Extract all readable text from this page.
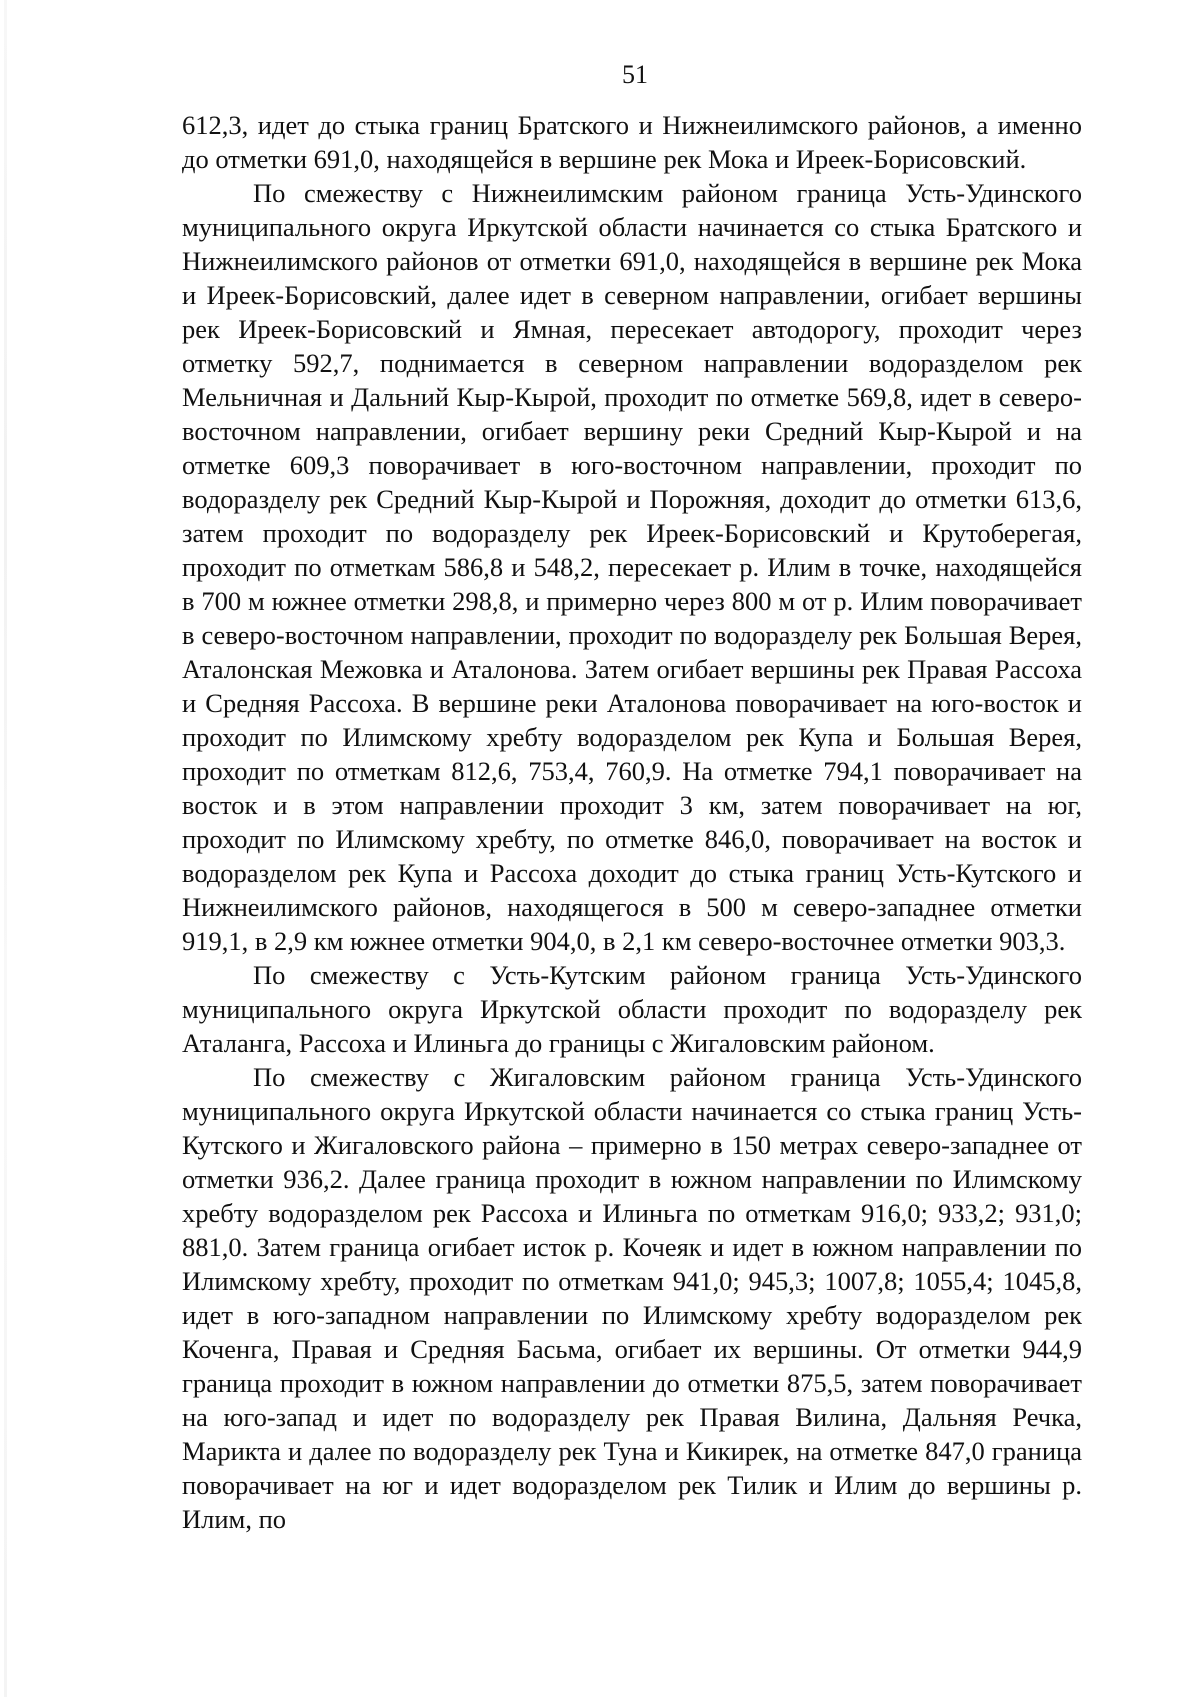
51

612,3, идет до стыка границ Братского и Нижнеилимского районов, а именно до отметки 691,0, находящейся в вершине рек Мока и Иреек-Борисовский.

По смежеству с Нижнеилимским районом граница Усть-Удинского муниципального округа Иркутской области начинается со стыка Братского и Нижнеилимского районов от отметки 691,0, находящейся в вершине рек Мока и Иреек-Борисовский, далее идет в северном направлении, огибает вершины рек Иреек-Борисовский и Ямная, пересекает автодорогу, проходит через отметку 592,7, поднимается в северном направлении водоразделом рек Мельничная и Дальний Кыр-Кырой, проходит по отметке 569,8, идет в северо-восточном направлении, огибает вершину реки Средний Кыр-Кырой и на отметке 609,3 поворачивает в юго-восточном направлении, проходит по водоразделу рек Средний Кыр-Кырой и Порожняя, доходит до отметки 613,6, затем проходит по водоразделу рек Иреек-Борисовский и Крутоберегая, проходит по отметкам 586,8 и 548,2, пересекает р. Илим в точке, находящейся в 700 м южнее отметки 298,8, и примерно через 800 м от р. Илим поворачивает в северо-восточном направлении, проходит по водоразделу рек Большая Верея, Аталонская Межовка и Аталонова. Затем огибает вершины рек Правая Рассоха и Средняя Рассоха. В вершине реки Аталонова поворачивает на юго-восток и проходит по Илимскому хребту водоразделом рек Купа и Большая Верея, проходит по отметкам 812,6, 753,4, 760,9. На отметке 794,1 поворачивает на восток и в этом направлении проходит 3 км, затем поворачивает на юг, проходит по Илимскому хребту, по отметке 846,0, поворачивает на восток и водоразделом рек Купа и Рассоха доходит до стыка границ Усть-Кутского и Нижнеилимского районов, находящегося в 500 м северо-западнее отметки 919,1, в 2,9 км южнее отметки 904,0, в 2,1 км северо-восточнее отметки 903,3.

По смежеству с Усть-Кутским районом граница Усть-Удинского муниципального округа Иркутской области проходит по водоразделу рек Аталанга, Рассоха и Илиньга до границы с Жигаловским районом.

По смежеству с Жигаловским районом граница Усть-Удинского муниципального округа Иркутской области начинается со стыка границ Усть-Кутского и Жигаловского района – примерно в 150 метрах северо-западнее от отметки 936,2. Далее граница проходит в южном направлении по Илимскому хребту водоразделом рек Рассоха и Илиньга по отметкам 916,0; 933,2; 931,0; 881,0. Затем граница огибает исток р. Кочеяк и идет в южном направлении по Илимскому хребту, проходит по отметкам 941,0; 945,3; 1007,8; 1055,4; 1045,8, идет в юго-западном направлении по Илимскому хребту водоразделом рек Коченга, Правая и Средняя Басьма, огибает их вершины. От отметки 944,9 граница проходит в южном направлении до отметки 875,5, затем поворачивает на юго-запад и идет по водоразделу рек Правая Вилина, Дальняя Речка, Марикта и далее по водоразделу рек Туна и Кикирек, на отметке 847,0 граница поворачивает на юг и идет водоразделом рек Тилик и Илим до вершины р. Илим, по
